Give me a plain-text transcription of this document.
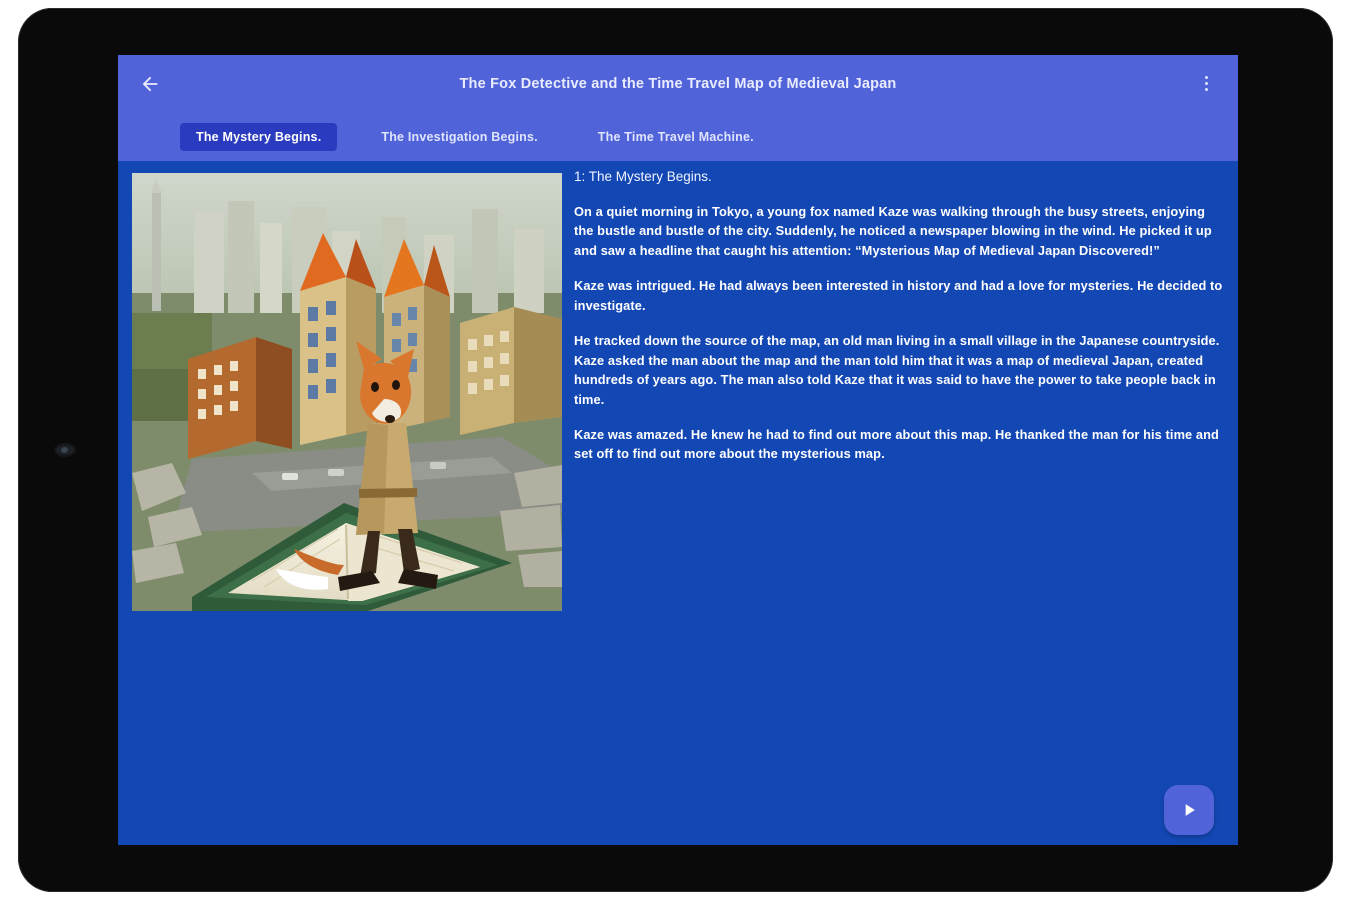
The Fox Detective and the Time Travel Map of Medieval Japan
The Mystery Begins.	The Investigation Begins.	The Time Travel Machine.
1: The Mystery Begins.

On a quiet morning in Tokyo, a young fox named Kaze was walking through the busy streets, enjoying the bustle and bustle of the city. Suddenly, he noticed a newspaper blowing in the wind. He picked it up and saw a headline that caught his attention: “Mysterious Map of Medieval Japan Discovered!”

Kaze was intrigued. He had always been interested in history and had a love for mysteries. He decided to investigate.

He tracked down the source of the map, an old man living in a small village in the Japanese countryside. Kaze asked the man about the map and the man told him that it was a map of medieval Japan, created hundreds of years ago. The man also told Kaze that it was said to have the power to take people back in time.

Kaze was amazed. He knew he had to find out more about this map. He thanked the man for his time and set off to find out more about the mysterious map.
